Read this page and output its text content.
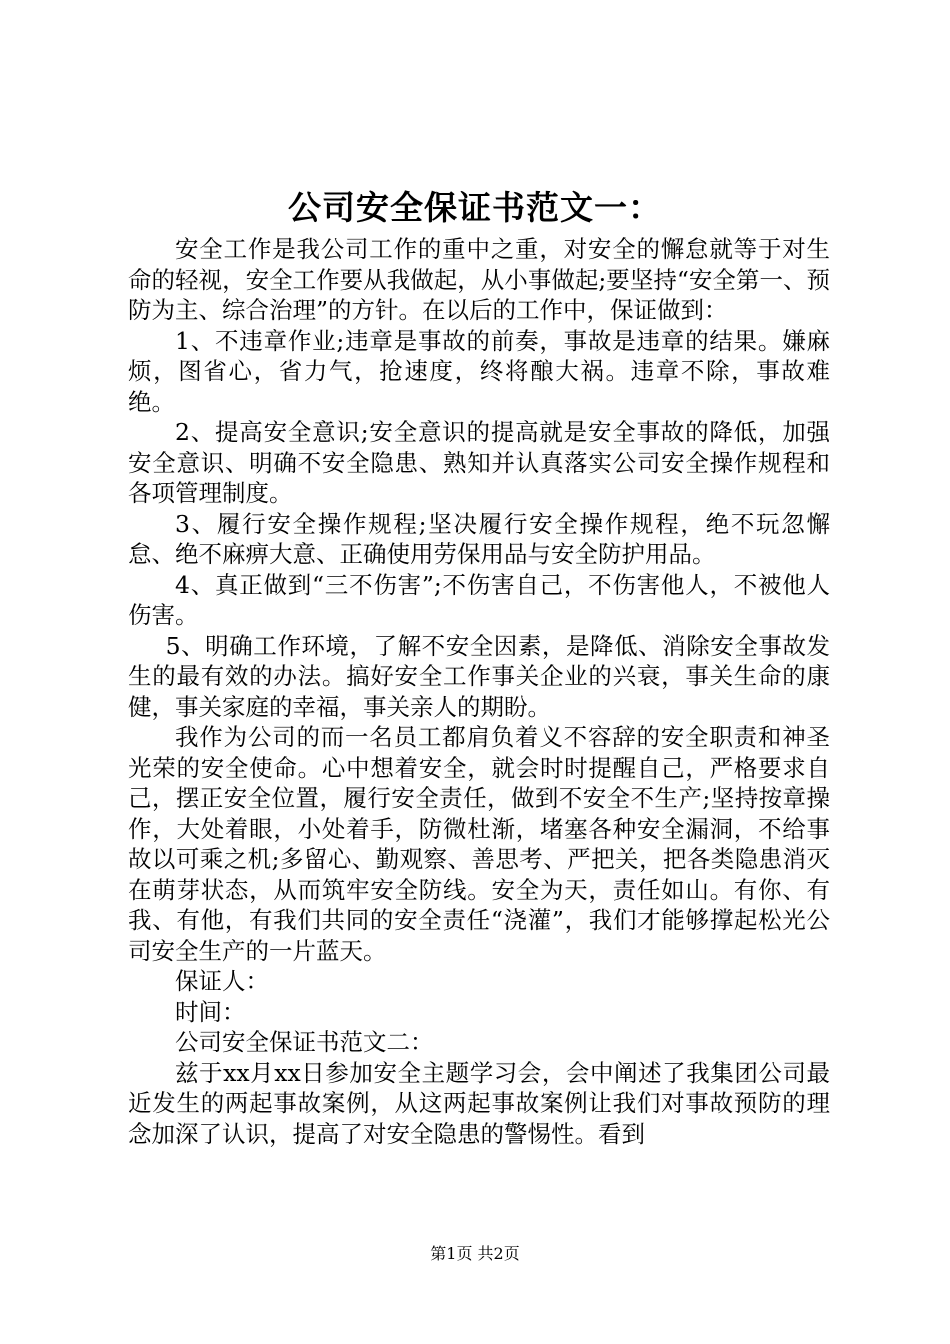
公司安全保证书范文一：

安全工作是我公司工作的重中之重，对安全的懈怠就等于对生命的轻视，安全工作要从我做起，从小事做起;要坚持“安全第一、预防为主、综合治理”的方针。在以后的工作中，保证做到：

1、不违章作业;违章是事故的前奏，事故是违章的结果。嫌麻烦，图省心，省力气，抢速度，终将酿大祸。违章不除，事故难绝。

2、提高安全意识;安全意识的提高就是安全事故的降低，加强安全意识、明确不安全隐患、熟知并认真落实公司安全操作规程和各项管理制度。

3、履行安全操作规程;坚决履行安全操作规程，绝不玩忽懈怠、绝不麻痹大意、正确使用劳保用品与安全防护用品。

4、真正做到“三不伤害”;不伤害自己，不伤害他人，不被他人伤害。

5、明确工作环境，了解不安全因素，是降低、消除安全事故发生的最有效的办法。搞好安全工作事关企业的兴衰，事关生命的康健，事关家庭的幸福，事关亲人的期盼。

我作为公司的而一名员工都肩负着义不容辞的安全职责和神圣光荣的安全使命。心中想着安全，就会时时提醒自己，严格要求自己，摆正安全位置，履行安全责任，做到不安全不生产;坚持按章操作，大处着眼，小处着手，防微杜渐，堵塞各种安全漏洞，不给事故以可乘之机;多留心、勤观察、善思考、严把关，把各类隐患消灭在萌芽状态，从而筑牢安全防线。安全为天，责任如山。有你、有我、有他，有我们共同的安全责任“浇灌”，我们才能够撑起松光公司安全生产的一片蓝天。

保证人：

时间：

公司安全保证书范文二：

兹于xx月xx日参加安全主题学习会，会中阐述了我集团公司最近发生的两起事故案例，从这两起事故案例让我们对事故预防的理念加深了认识，提高了对安全隐患的警惕性。看到

第1页 共2页
